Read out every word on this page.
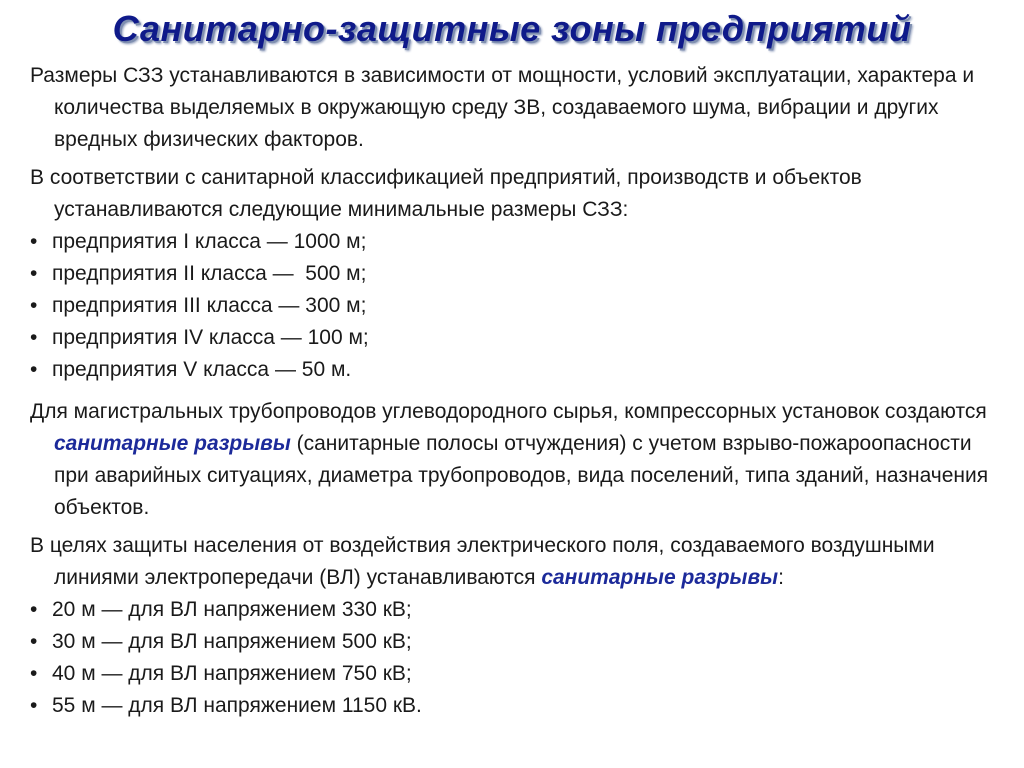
Санитарно-защитные зоны предприятий

Размеры СЗЗ устанавливаются в зависимости от мощности, условий эксплуатации, характера и количества выделяемых в окружающую среду ЗВ, создаваемого шума, вибрации и других вредных физических факторов.

В соответствии с санитарной классификацией предприятий, производств и объектов устанавливаются следующие минимальные размеры СЗЗ:

• предприятия I класса — 1000 м;
• предприятия II класса —  500 м;
• предприятия III класса — 300 м;
• предприятия IV класса — 100 м;
• предприятия V класса — 50 м.

Для магистральных трубопроводов углеводородного сырья, компрессорных установок создаются санитарные разрывы (санитарные полосы отчуждения) с учетом взрыво-пожароопасности при аварийных ситуациях, диаметра трубопроводов, вида поселений, типа зданий, назначения объектов.

В целях защиты населения от воздействия электрического поля, создаваемого воздушными линиями электропередачи (ВЛ) устанавливаются санитарные разрывы:

• 20 м — для ВЛ напряжением 330 кВ;
• 30 м — для ВЛ напряжением 500 кВ;
• 40 м — для ВЛ напряжением 750 кВ;
• 55 м — для ВЛ напряжением 1150 кВ.
